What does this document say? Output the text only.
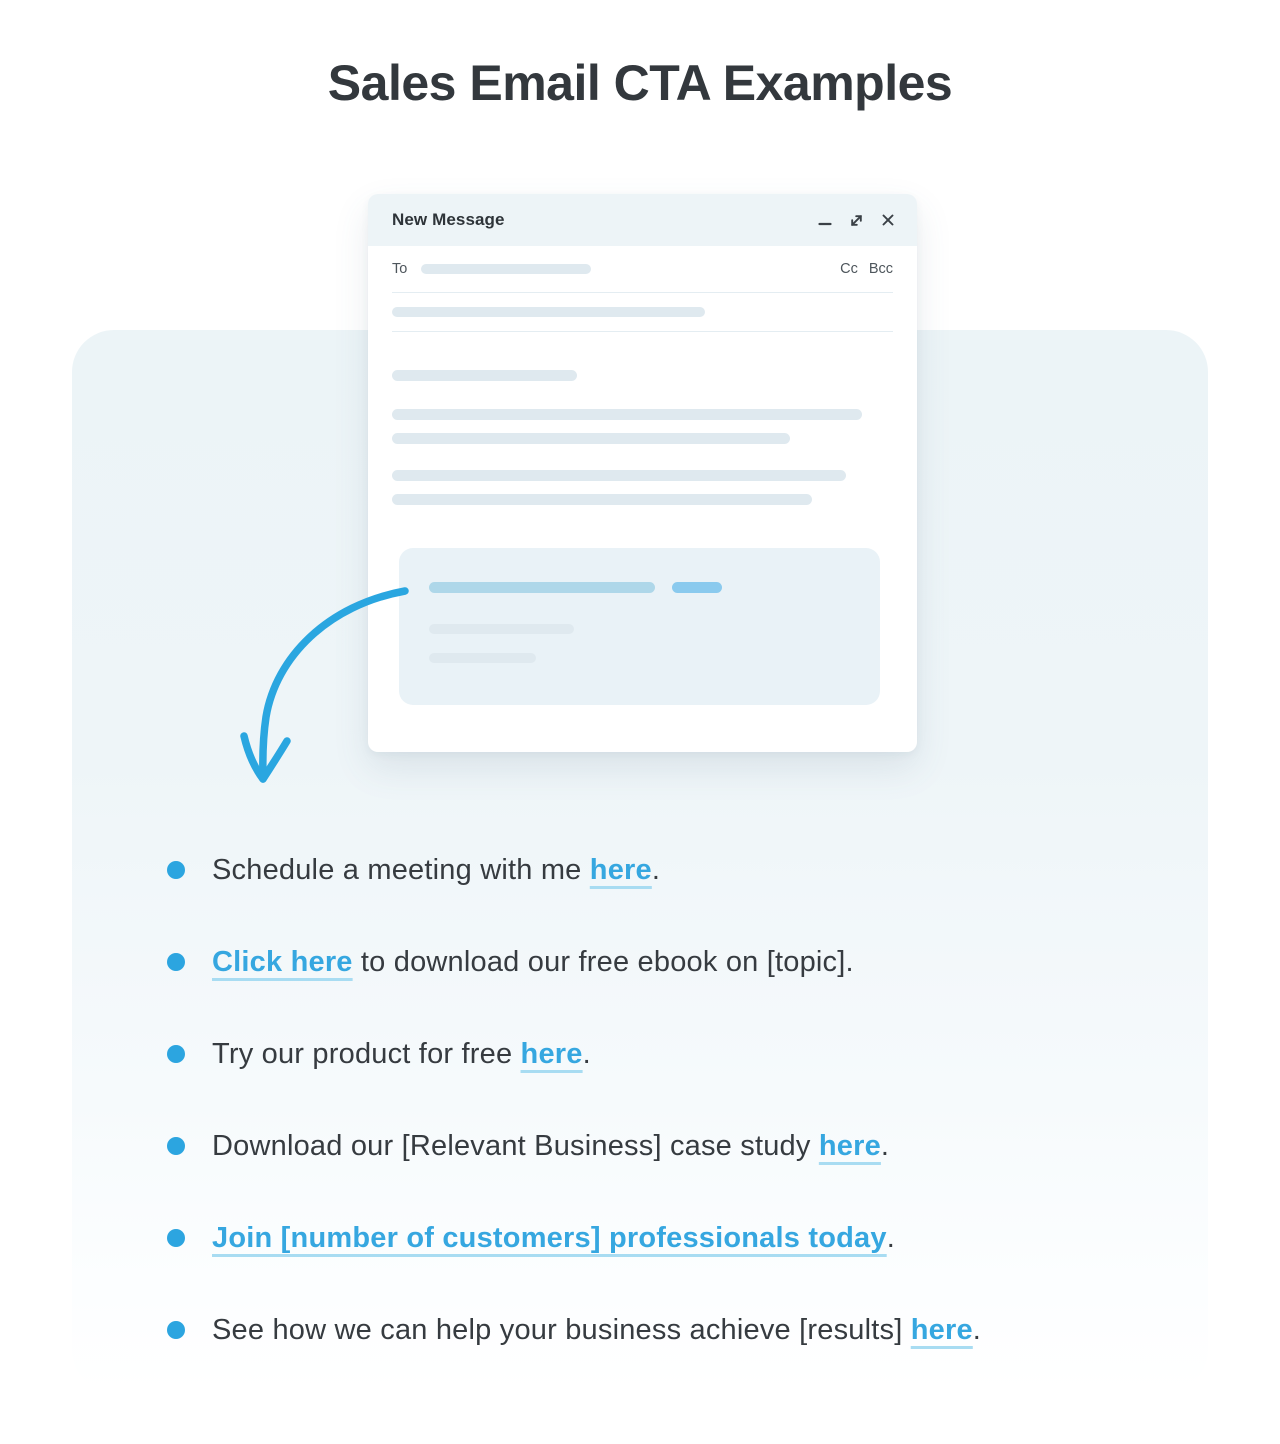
Sales Email CTA Examples
New Message
To	Cc Bcc
Schedule a meeting with me here.
Click here to download our free ebook on [topic].
Try our product for free here.
Download our [Relevant Business] case study here.
Join [number of customers] professionals today.
See how we can help your business achieve [results] here.
